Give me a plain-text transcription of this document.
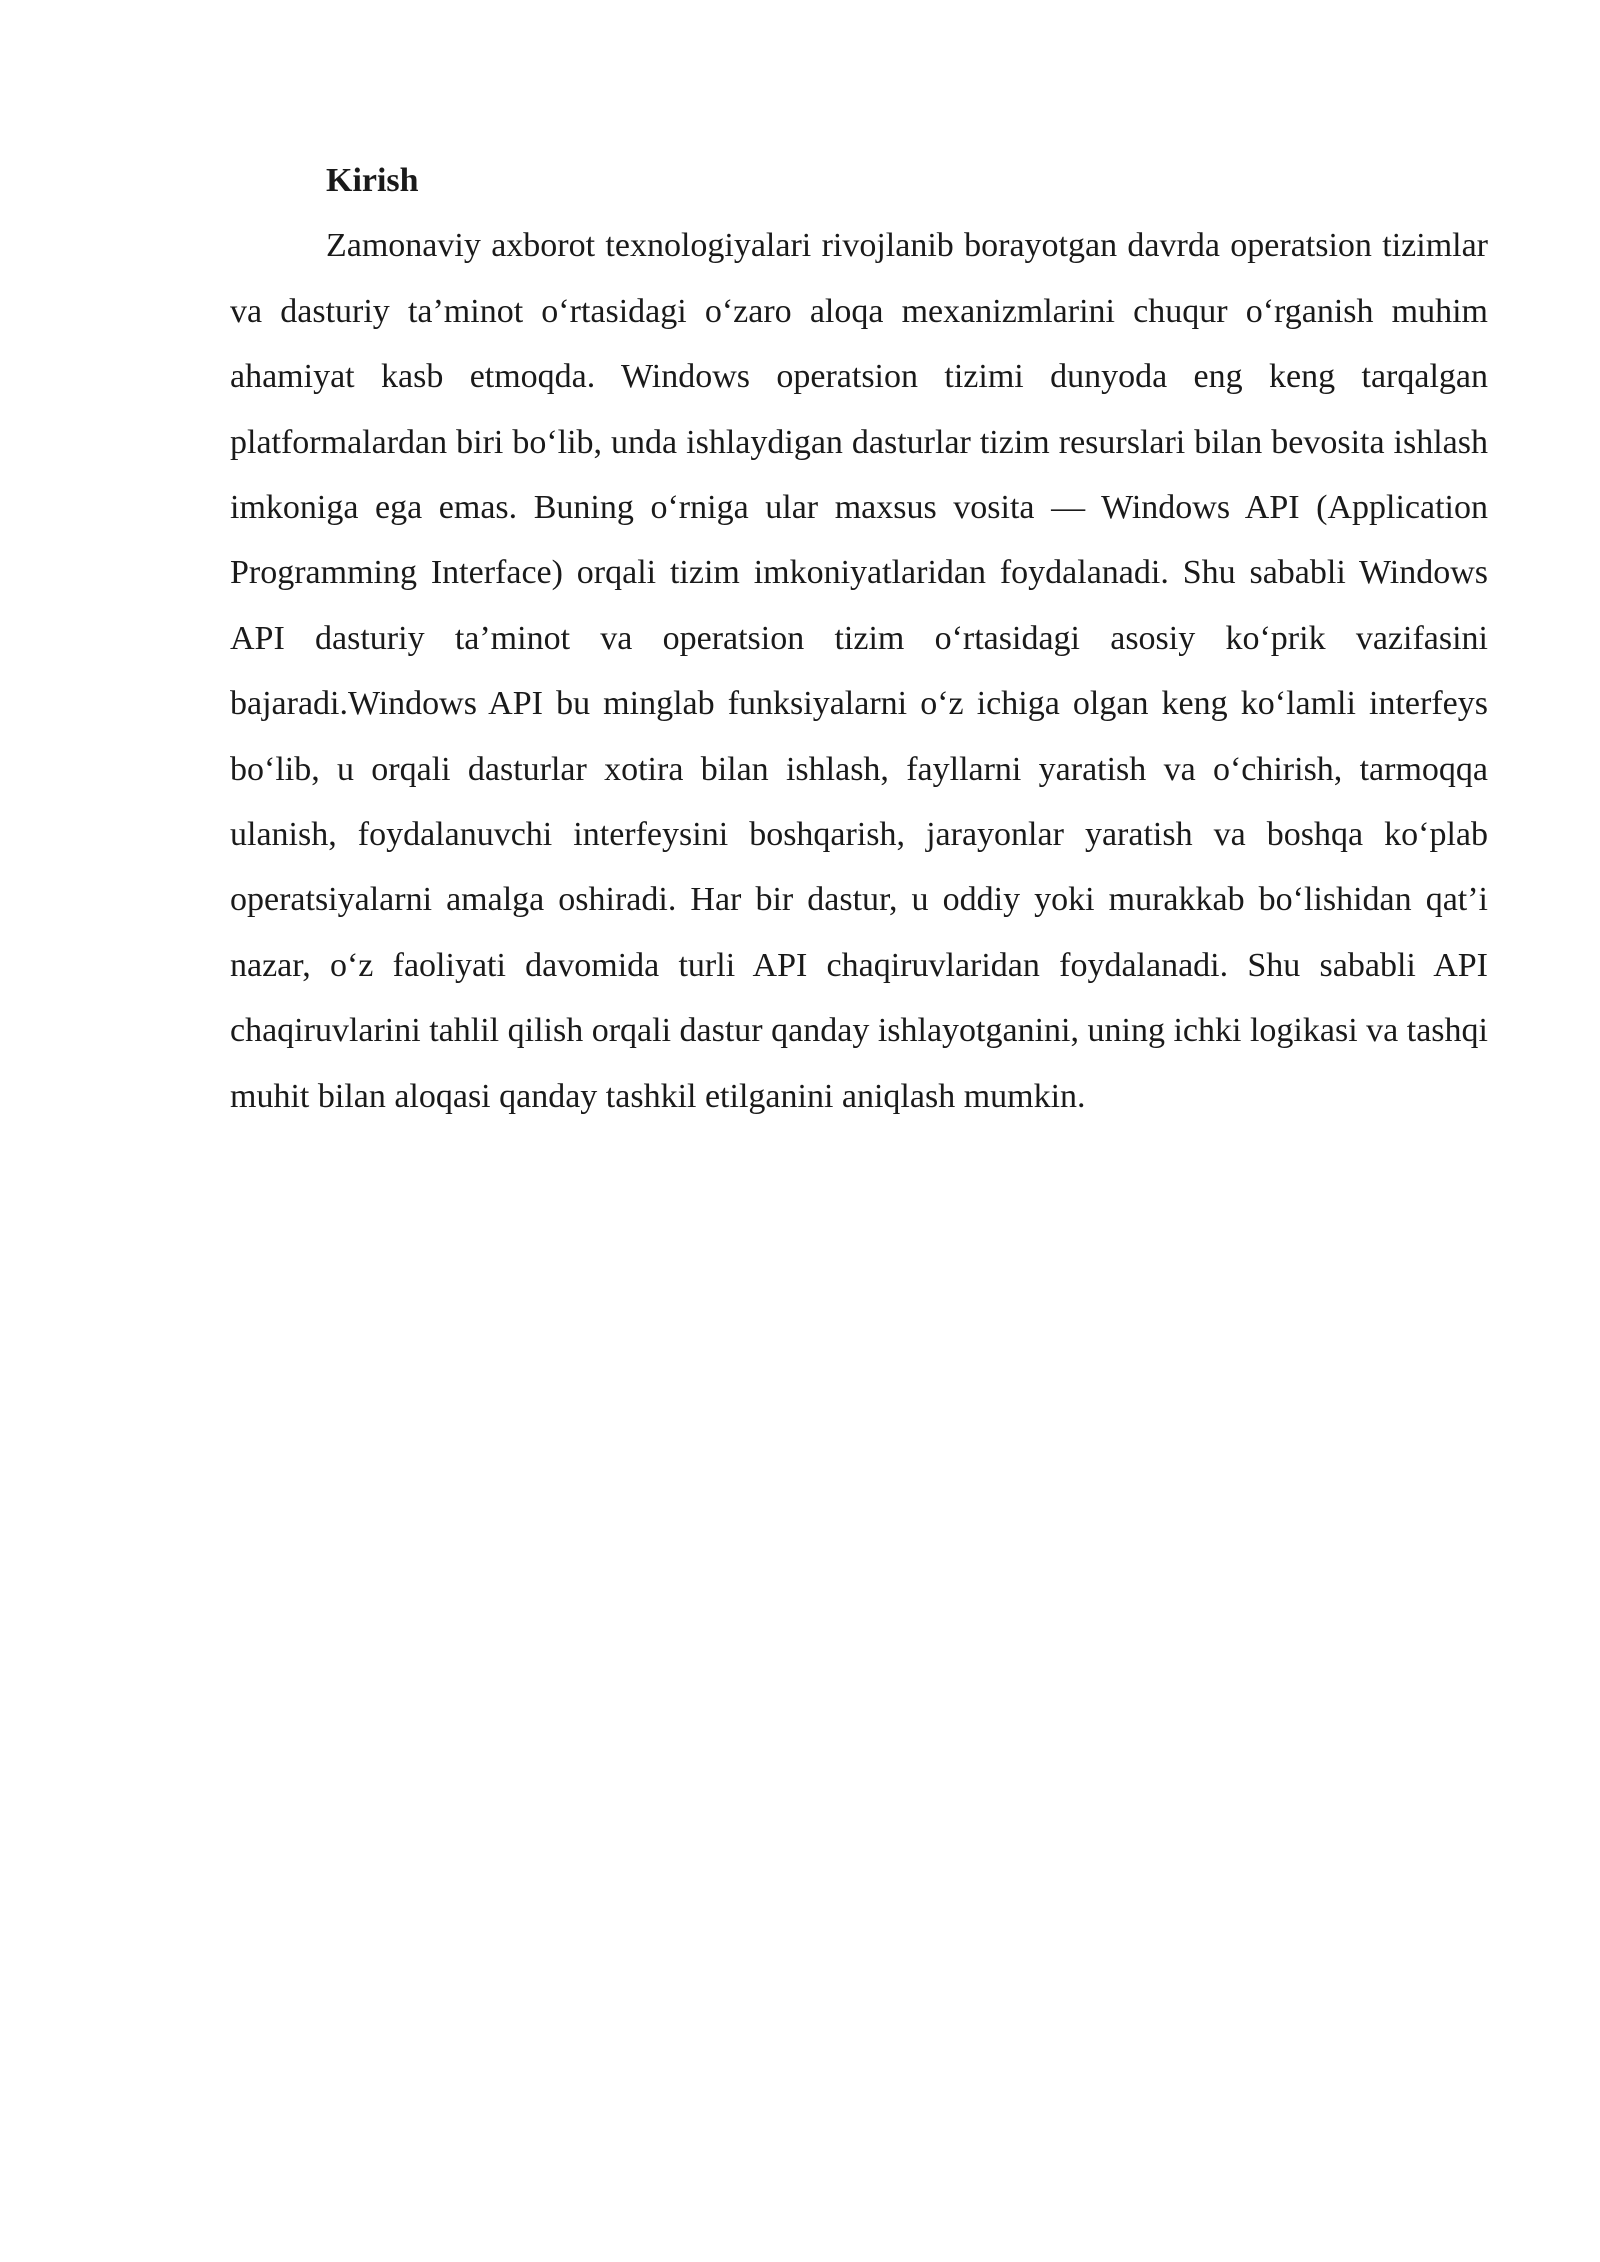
Kirish

Zamonaviy axborot texnologiyalari rivojlanib borayotgan davrda operatsion tizimlar va dasturiy ta’minot o‘rtasidagi o‘zaro aloqa mexanizmlarini chuqur o‘rganish muhim ahamiyat kasb etmoqda. Windows operatsion tizimi dunyoda eng keng tarqalgan platformalardan biri bo‘lib, unda ishlaydigan dasturlar tizim resurslari bilan bevosita ishlash imkoniga ega emas. Buning o‘rniga ular maxsus vosita — Windows API (Application Programming Interface) orqali tizim imkoniyatlaridan foydalanadi. Shu sababli Windows API dasturiy ta’minot va operatsion tizim o‘rtasidagi asosiy ko‘prik vazifasini bajaradi.Windows API bu minglab funksiyalarni o‘z ichiga olgan keng ko‘lamli interfeys bo‘lib, u orqali dasturlar xotira bilan ishlash, fayllarni yaratish va o‘chirish, tarmoqqa ulanish, foydalanuvchi interfeysini boshqarish, jarayonlar yaratish va boshqa ko‘plab operatsiyalarni amalga oshiradi. Har bir dastur, u oddiy yoki murakkab bo‘lishidan qat’i nazar, o‘z faoliyati davomida turli API chaqiruvlaridan foydalanadi. Shu sababli API chaqiruvlarini tahlil qilish orqali dastur qanday ishlayotganini, uning ichki logikasi va tashqi muhit bilan aloqasi qanday tashkil etilganini aniqlash mumkin.
